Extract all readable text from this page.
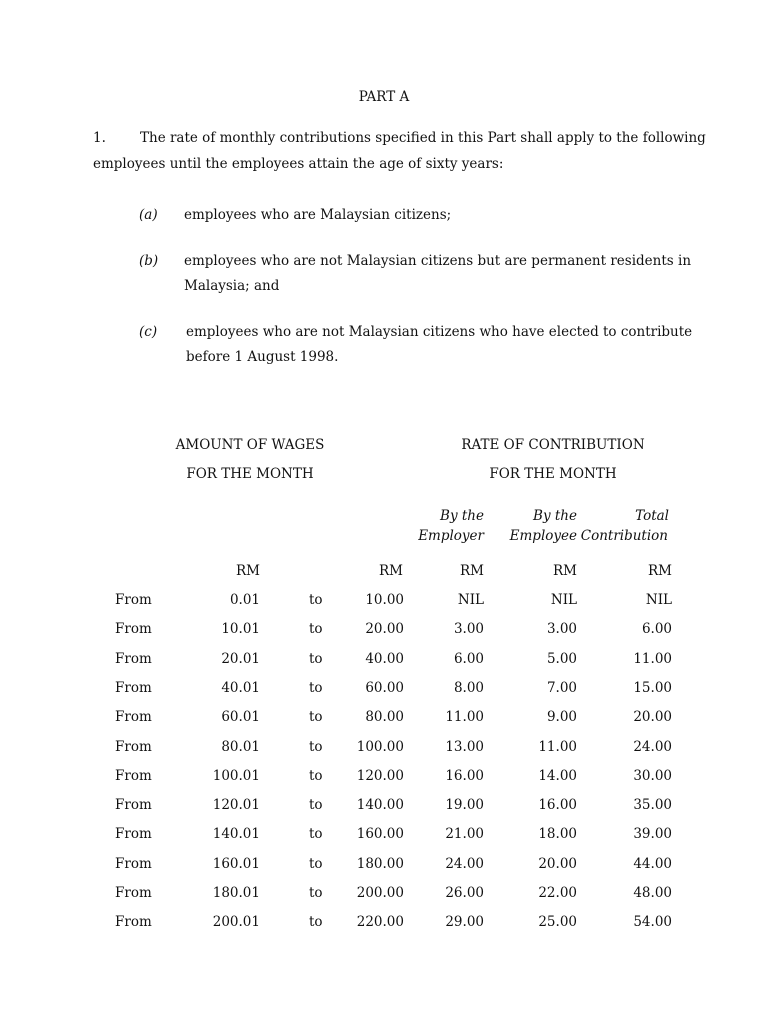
PART A
1.	The rate of monthly contributions specified in this Part shall apply to the following
employees until the employees attain the age of sixty years:
(a) employees who are Malaysian citizens;
(b) employees who are not Malaysian citizens but are permanent residents in
Malaysia; and
(c) employees who are not Malaysian citizens who have elected to contribute
before 1 August 1998.
AMOUNT OF WAGES
FOR THE MONTH
RATE OF CONTRIBUTION
FOR THE MONTH
By the
Employer
By the
Employee
Total
Contribution
RM	RM	RM	RM	RM
From	0.01	to	10.00	NIL	NIL	NIL
From	10.01	to	20.00	3.00	3.00	6.00
From	20.01	to	40.00	6.00	5.00	11.00
From	40.01	to	60.00	8.00	7.00	15.00
From	60.01	to	80.00	11.00	9.00	20.00
From	80.01	to	100.00	13.00	11.00	24.00
From	100.01	to	120.00	16.00	14.00	30.00
From	120.01	to	140.00	19.00	16.00	35.00
From	140.01	to	160.00	21.00	18.00	39.00
From	160.01	to	180.00	24.00	20.00	44.00
From	180.01	to	200.00	26.00	22.00	48.00
From	200.01	to	220.00	29.00	25.00	54.00
